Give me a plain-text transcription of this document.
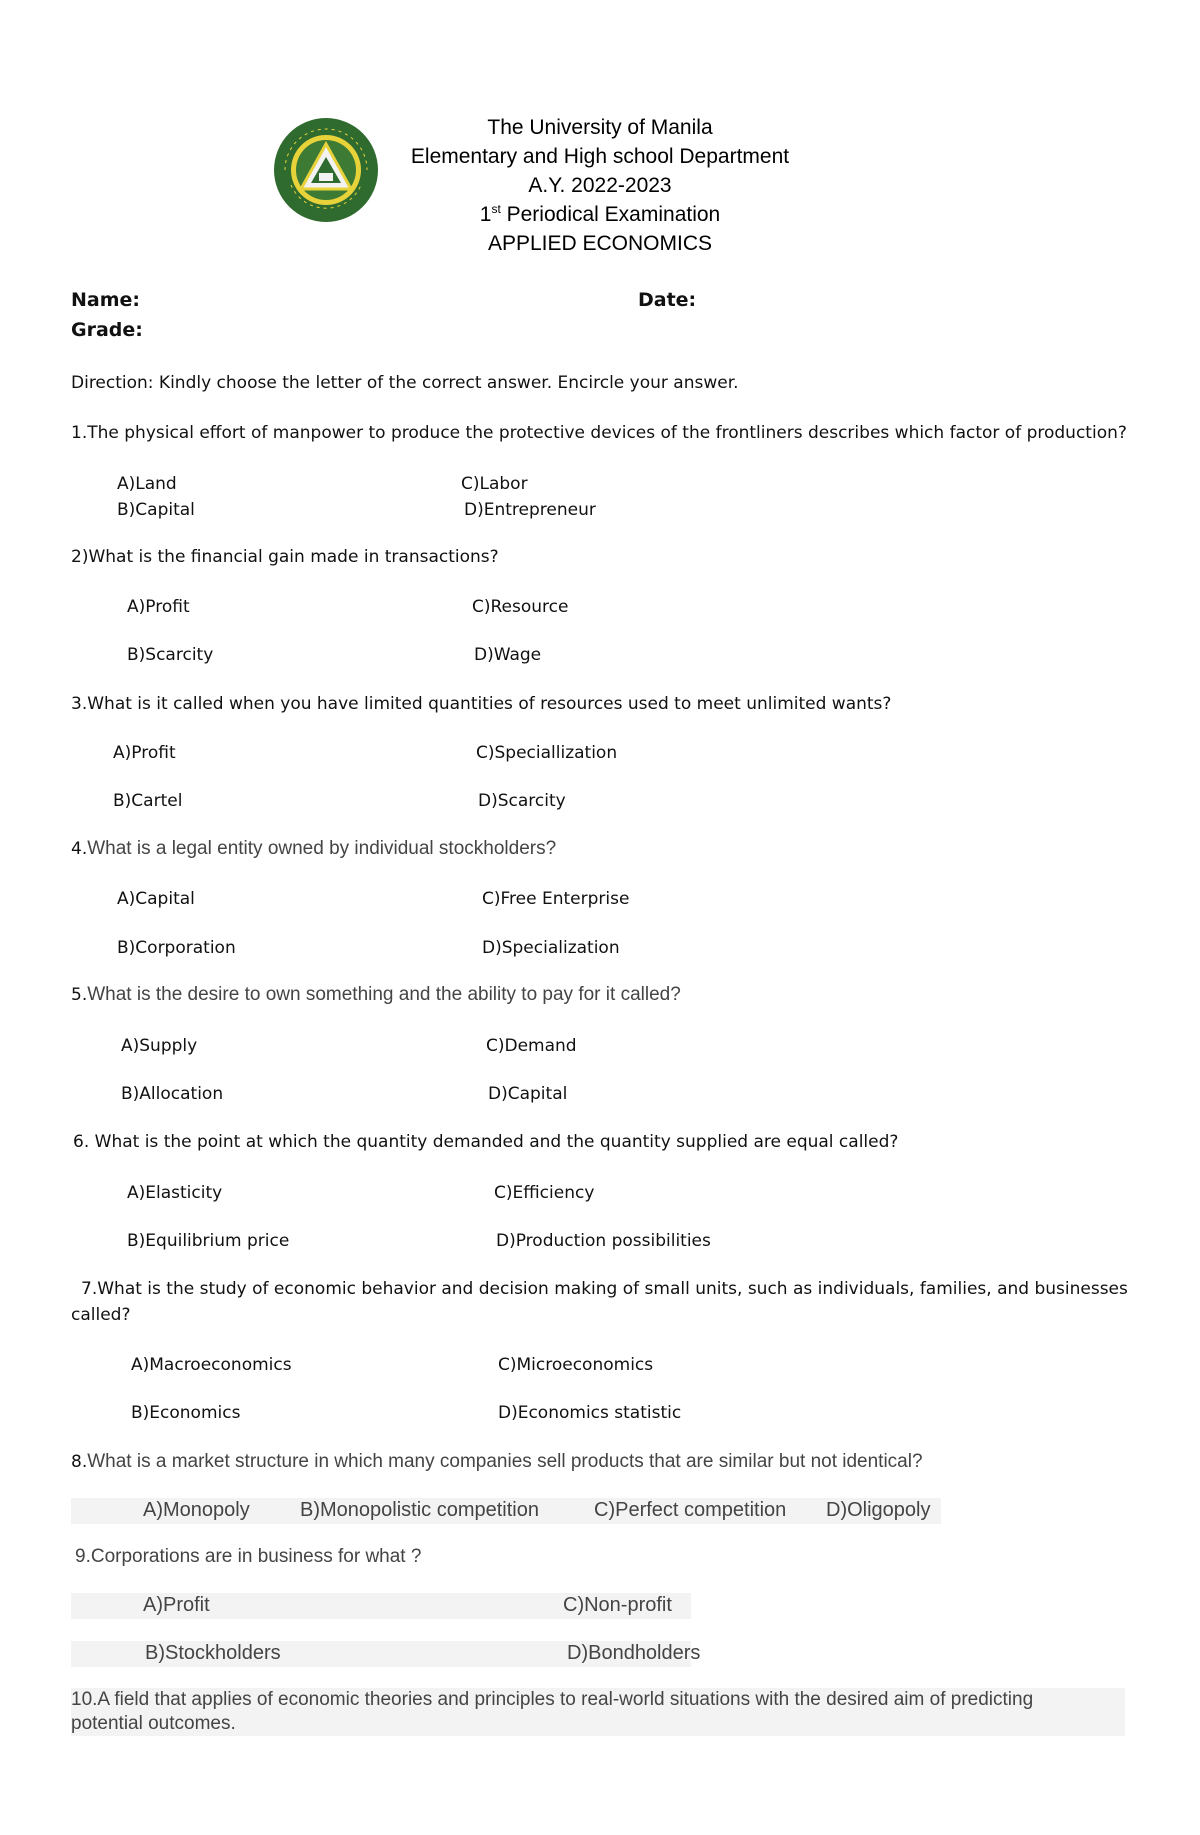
The University of Manila
Elementary and High school Department
A.Y. 2022-2023
1st Periodical Examination
APPLIED ECONOMICS
Name:	Date:
Grade:
Direction: Kindly choose the letter of the correct answer. Encircle your answer.
1.The physical effort of manpower to produce the protective devices of the frontliners describes which factor of production?
A)Land
B)Capital
C)Labor
D)Entrepreneur
2)What is the financial gain made in transactions?
A)Profit
B)Scarcity
C)Resource
D)Wage
3.What is it called when you have limited quantities of resources used to meet unlimited wants?
A)Profit
B)Cartel
C)Speciallization
D)Scarcity
4.What is a legal entity owned by individual stockholders?
A)Capital
B)Corporation
C)Free Enterprise
D)Specialization
5.What is the desire to own something and the ability to pay for it called?
A)Supply
B)Allocation
C)Demand
D)Capital
6. What is the point at which the quantity demanded and the quantity supplied are equal called?
A)Elasticity
B)Equilibrium price
C)Efficiency
D)Production possibilities
7.What is the study of economic behavior and decision making of small units, such as individuals, families, and businesses
called?
A)Macroeconomics
B)Economics
C)Microeconomics
D)Economics statistic
8.What is a market structure in which many companies sell products that are similar but not identical?
A)Monopoly	B)Monopolistic competition	C)Perfect competition D)Oligopoly
9.Corporations are in business for what ?
A)Profit
B)Stockholders
C)Non-profit
D)Bondholders
10.A field that applies of economic theories and principles to real-world situations with the desired aim of predicting
potential outcomes.
